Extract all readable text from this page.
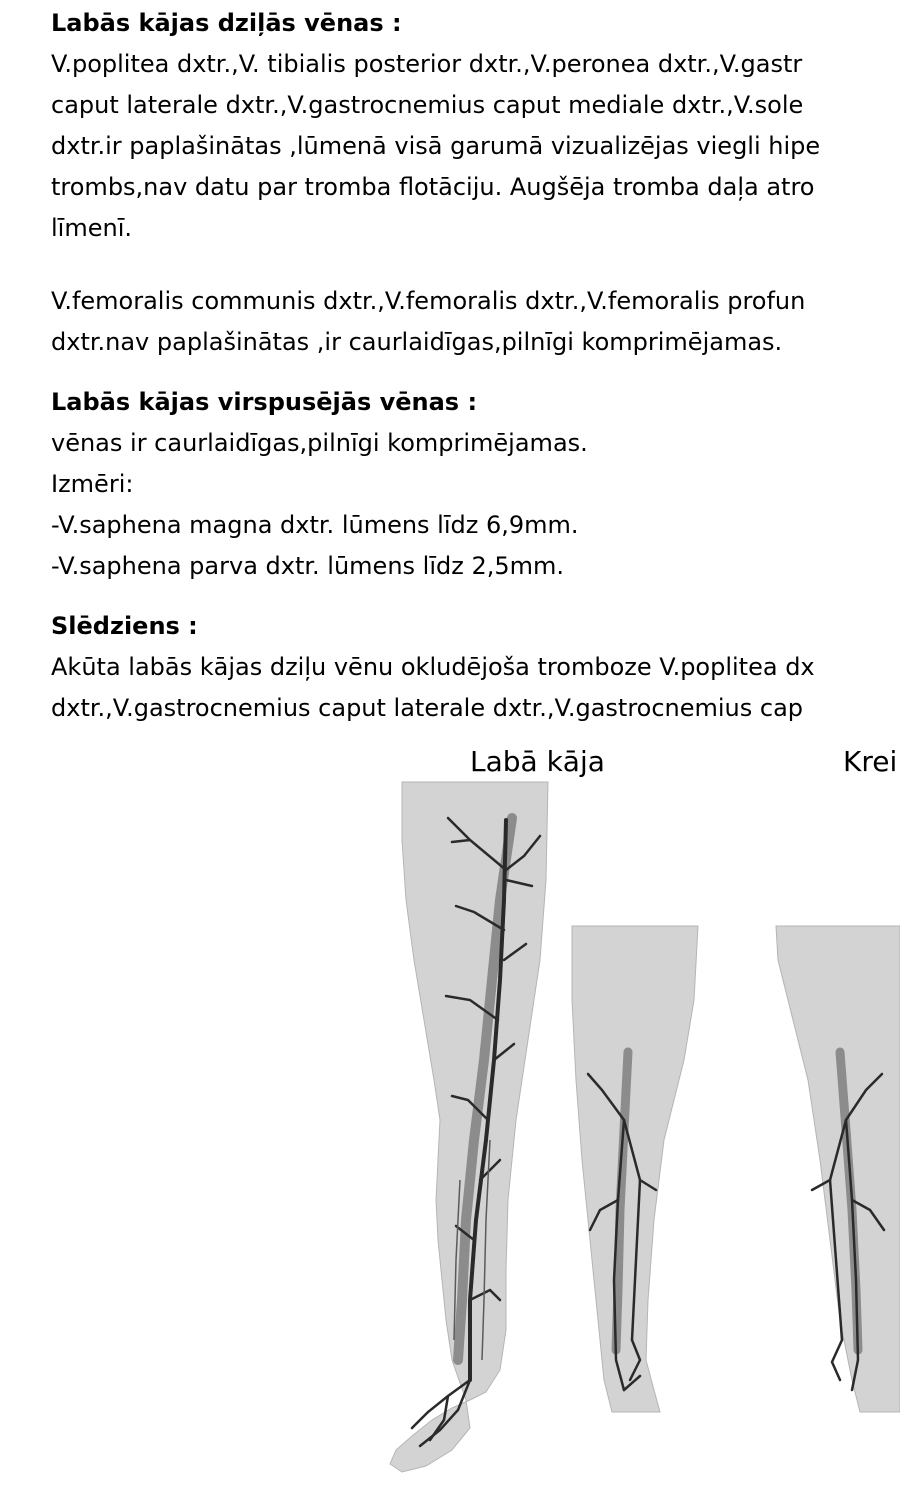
Labās kājas dziļās vēnas :
V.poplitea dxtr.,V. tibialis posterior dxtr.,V.peronea dxtr.,V.gastr
caput laterale dxtr.,V.gastrocnemius caput mediale dxtr.,V.sole
dxtr.ir paplašinātas ,lūmenā visā garumā vizualizējas viegli hipe
trombs,nav datu par tromba flotāciju. Augšēja tromba daļa atro
līmenī.
V.femoralis communis dxtr.,V.femoralis dxtr.,V.femoralis profun
dxtr.nav paplašinātas ,ir caurlaidīgas,pilnīgi komprimējamas.
Labās kājas virspusējās vēnas :
vēnas ir caurlaidīgas,pilnīgi komprimējamas.
Izmēri:
-V.saphena magna dxtr. lūmens līdz 6,9mm.
-V.saphena parva dxtr. lūmens līdz 2,5mm.
Slēdziens :
Akūta labās kājas dziļu vēnu okludējoša tromboze V.poplitea dx
dxtr.,V.gastrocnemius caput laterale dxtr.,V.gastrocnemius cap
Labā kāja	Krei
